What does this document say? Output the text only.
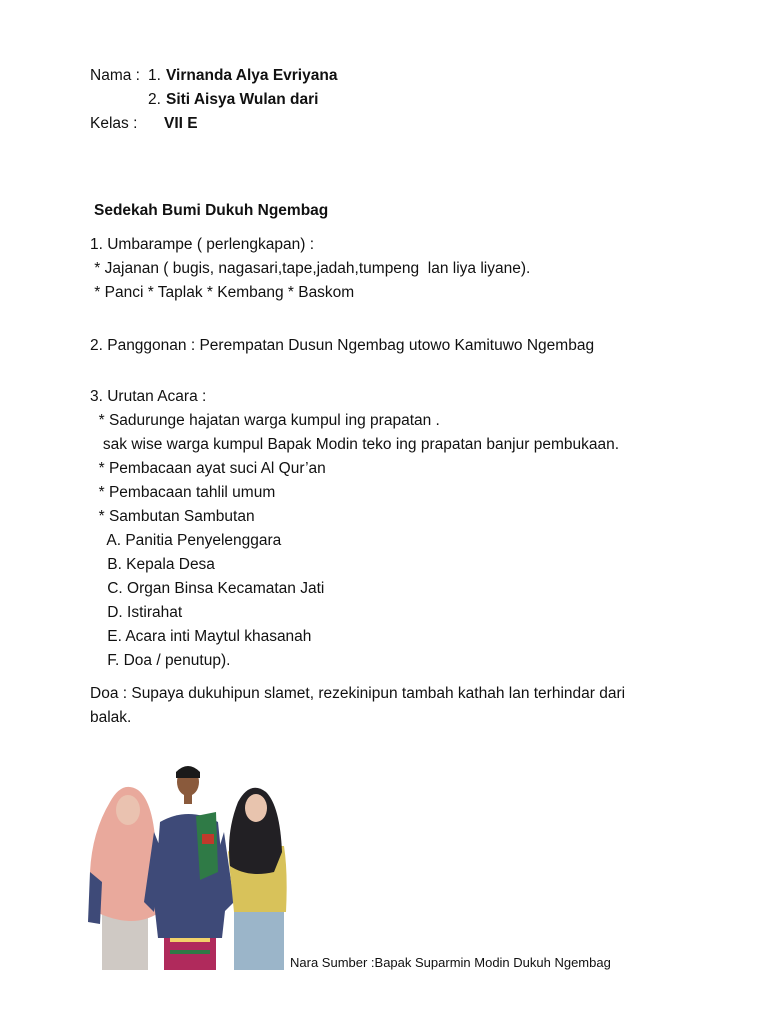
Nama : 1. Virnanda Alya Evriyana
2. Siti Aisya Wulan dari
Kelas : VII E
Sedekah Bumi Dukuh Ngembag
1. Umbarampe ( perlengkapan) :
* Jajanan ( bugis, nagasari,tape,jadah,tumpeng  lan liya liyane).
* Panci * Taplak * Kembang * Baskom
2. Panggonan : Perempatan Dusun Ngembag utowo Kamituwo Ngembag
3. Urutan Acara :
* Sadurunge hajatan warga kumpul ing prapatan .
sak wise warga kumpul Bapak Modin teko ing prapatan banjur pembukaan.
* Pembacaan ayat suci Al Qur’an
* Pembacaan tahlil umum
* Sambutan Sambutan
A. Panitia Penyelenggara
B. Kepala Desa
C. Organ Binsa Kecamatan Jati
D. Istirahat
E. Acara inti Maytul khasanah
F. Doa / penutup).
Doa : Supaya dukuhipun slamet, rezekinipun tambah kathah lan terhindar dari
balak.
Nara Sumber :Bapak Suparmin Modin Dukuh Ngembag
